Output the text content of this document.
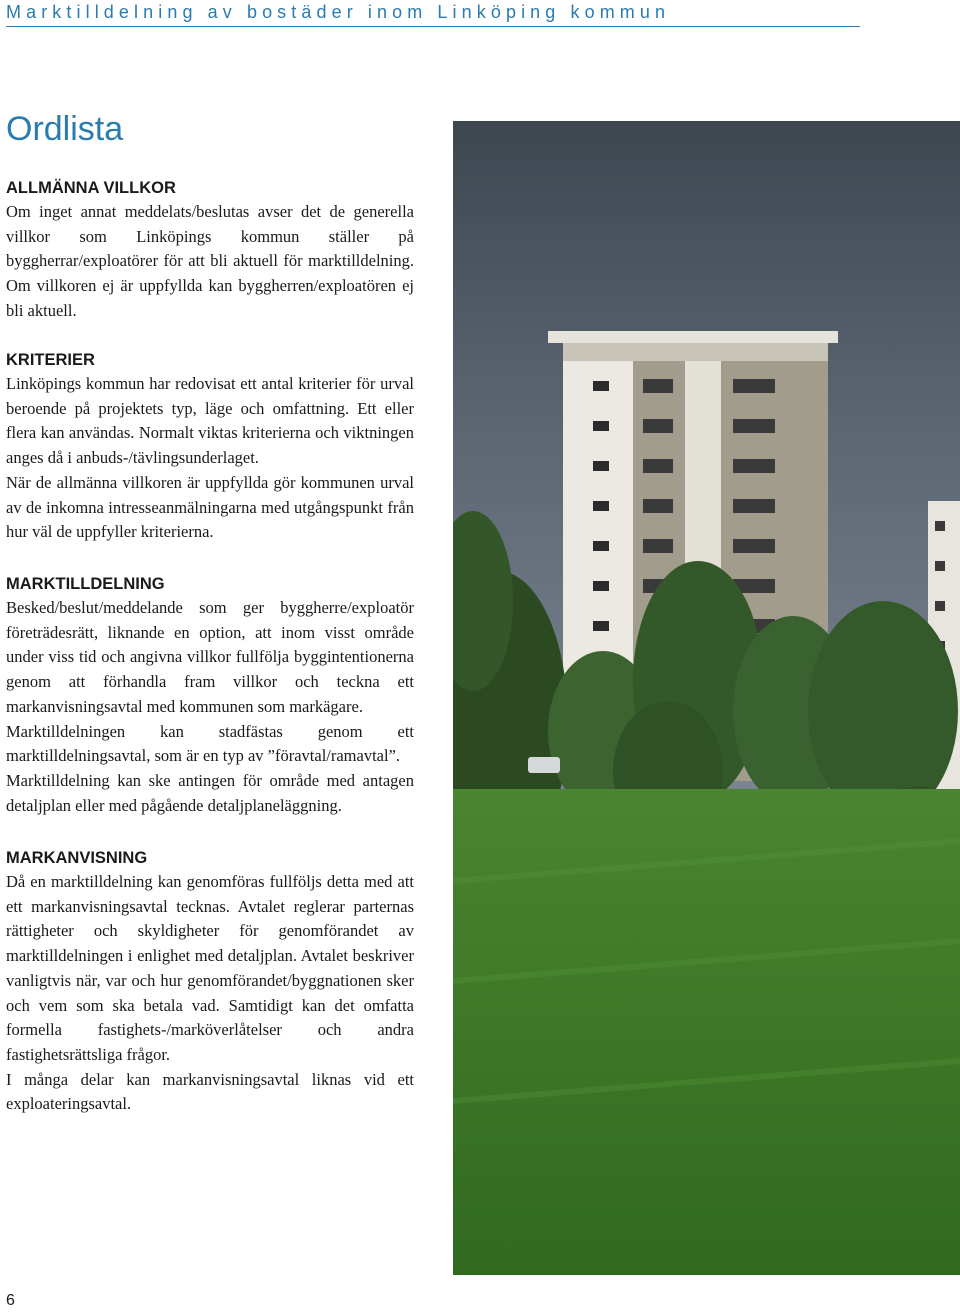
Marktilldelning av bostäder inom Linköping kommun
Ordlista
ALLMÄNNA VILLKOR

Om inget annat meddelats/beslutas avser det de generella villkor som Linköpings kommun ställer på byggherrar/exploatörer för att bli aktuell för marktilldelning. Om villkoren ej är uppfyllda kan byggherren/exploatören ej bli aktuell.

KRITERIER

Linköpings kommun har redovisat ett antal kriterier för urval beroende på projektets typ, läge och omfattning. Ett eller flera kan användas. Normalt viktas kriterierna och viktningen anges då i anbuds-/tävlingsunderlaget.

När de allmänna villkoren är uppfyllda gör kommunen urval av de inkomna intresseanmälningarna med utgångspunkt från hur väl de uppfyller kriterierna.

MARKTILLDELNING

Besked/beslut/meddelande som ger byggherre/exploatör företrädesrätt, liknande en option, att inom visst område under viss tid och angivna villkor fullfölja byggintentionerna genom att förhandla fram villkor och teckna ett markanvisningsavtal med kommunen som markägare.

Marktilldelningen kan stadfästas genom ett marktilldelningsavtal, som är en typ av ”föravtal/ramavtal”.

Marktilldelning kan ske antingen för område med antagen detaljplan eller med pågående detaljplaneläggning.

MARKANVISNING

Då en marktilldelning kan genomföras fullföljs detta med att ett markanvisningsavtal tecknas. Avtalet reglerar parternas rättigheter och skyldigheter för genomförandet av marktilldelningen i enlighet med detaljplan. Avtalet beskriver vanligtvis när, var och hur genomförandet/byggnationen sker och vem som ska betala vad. Samtidigt kan det omfatta formella fastighets-/marköverlåtelser och andra fastighetsrättsliga frågor.

I många delar kan markanvisningsavtal liknas vid ett exploateringsavtal.

6
